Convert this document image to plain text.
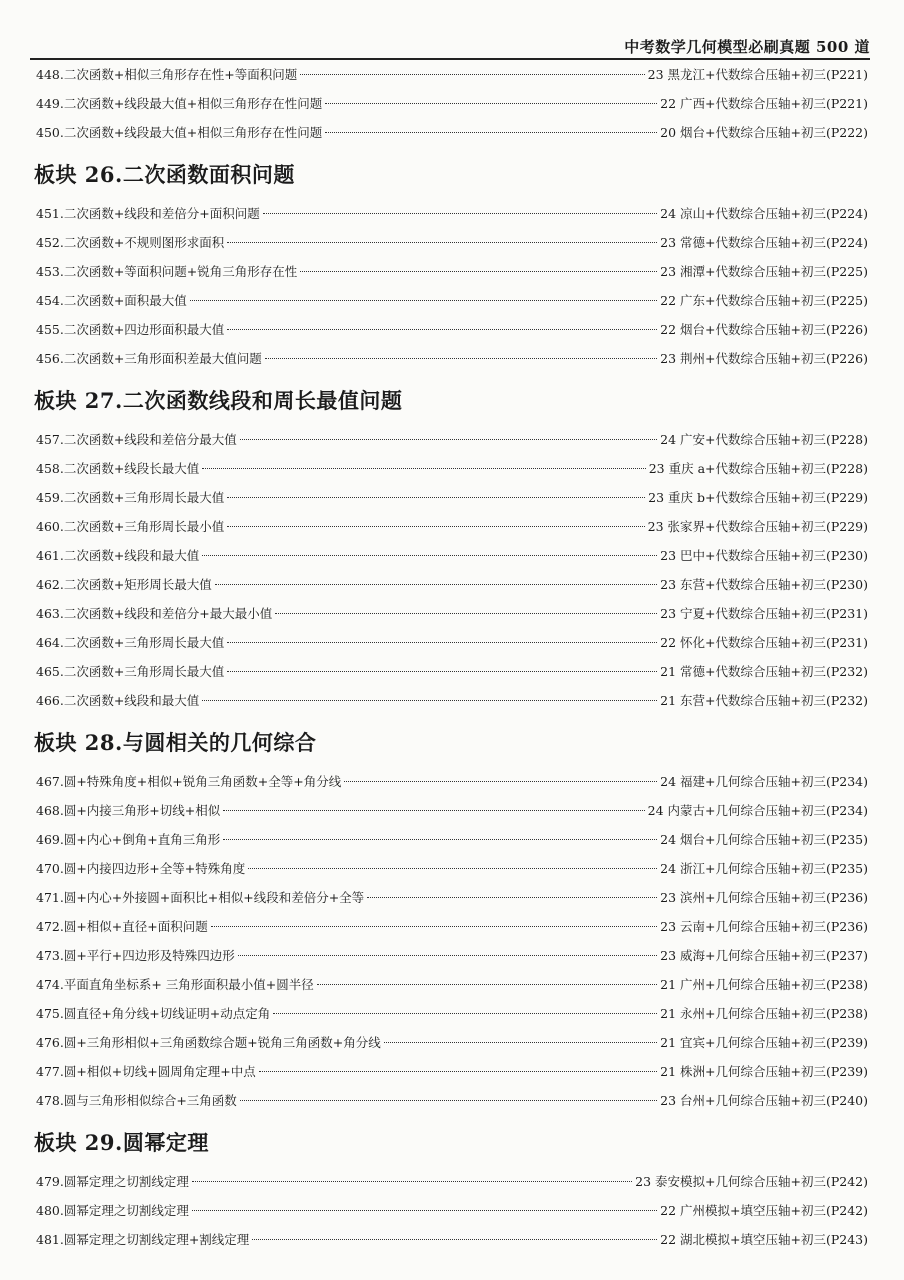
中考数学几何模型必刷真题 500 道
448.二次函数+相似三角形存在性+等面积问题	23 黑龙江+代数综合压轴+初三(P221)
449.二次函数+线段最大值+相似三角形存在性问题	22 广西+代数综合压轴+初三(P221)
450.二次函数+线段最大值+相似三角形存在性问题	20 烟台+代数综合压轴+初三(P222)
板块 26.二次函数面积问题
451.二次函数+线段和差倍分+面积问题	24 凉山+代数综合压轴+初三(P224)
452.二次函数+不规则图形求面积	23 常德+代数综合压轴+初三(P224)
453.二次函数+等面积问题+锐角三角形存在性	23 湘潭+代数综合压轴+初三(P225)
454.二次函数+面积最大值	22 广东+代数综合压轴+初三(P225)
455.二次函数+四边形面积最大值	22 烟台+代数综合压轴+初三(P226)
456.二次函数+三角形面积差最大值问题	23 荆州+代数综合压轴+初三(P226)
板块 27.二次函数线段和周长最值问题
457.二次函数+线段和差倍分最大值	24 广安+代数综合压轴+初三(P228)
458.二次函数+线段长最大值	23 重庆 a+代数综合压轴+初三(P228)
459.二次函数+三角形周长最大值	23 重庆 b+代数综合压轴+初三(P229)
460.二次函数+三角形周长最小值	23 张家界+代数综合压轴+初三(P229)
461.二次函数+线段和最大值	23 巴中+代数综合压轴+初三(P230)
462.二次函数+矩形周长最大值	23 东营+代数综合压轴+初三(P230)
463.二次函数+线段和差倍分+最大最小值	23 宁夏+代数综合压轴+初三(P231)
464.二次函数+三角形周长最大值	22 怀化+代数综合压轴+初三(P231)
465.二次函数+三角形周长最大值	21 常德+代数综合压轴+初三(P232)
466.二次函数+线段和最大值	21 东营+代数综合压轴+初三(P232)
板块 28.与圆相关的几何综合
467.圆+特殊角度+相似+锐角三角函数+全等+角分线	24 福建+几何综合压轴+初三(P234)
468.圆+内接三角形+切线+相似	24 内蒙古+几何综合压轴+初三(P234)
469.圆+内心+倒角+直角三角形	24 烟台+几何综合压轴+初三(P235)
470.圆+内接四边形+全等+特殊角度	24 浙江+几何综合压轴+初三(P235)
471.圆+内心+外接圆+面积比+相似+线段和差倍分+全等	23 滨州+几何综合压轴+初三(P236)
472.圆+相似+直径+面积问题	23 云南+几何综合压轴+初三(P236)
473.圆+平行+四边形及特殊四边形	23 威海+几何综合压轴+初三(P237)
474.平面直角坐标系+ 三角形面积最小值+圆半径	21 广州+几何综合压轴+初三(P238)
475.圆直径+角分线+切线证明+动点定角	21 永州+几何综合压轴+初三(P238)
476.圆+三角形相似+三角函数综合题+锐角三角函数+角分线	21 宜宾+几何综合压轴+初三(P239)
477.圆+相似+切线+圆周角定理+中点	21 株洲+几何综合压轴+初三(P239)
478.圆与三角形相似综合+三角函数	23 台州+几何综合压轴+初三(P240)
板块 29.圆幂定理
479.圆幂定理之切割线定理	23 泰安模拟+几何综合压轴+初三(P242)
480.圆幂定理之切割线定理	22 广州模拟+填空压轴+初三(P242)
481.圆幂定理之切割线定理+割线定理	22 湖北模拟+填空压轴+初三(P243)
